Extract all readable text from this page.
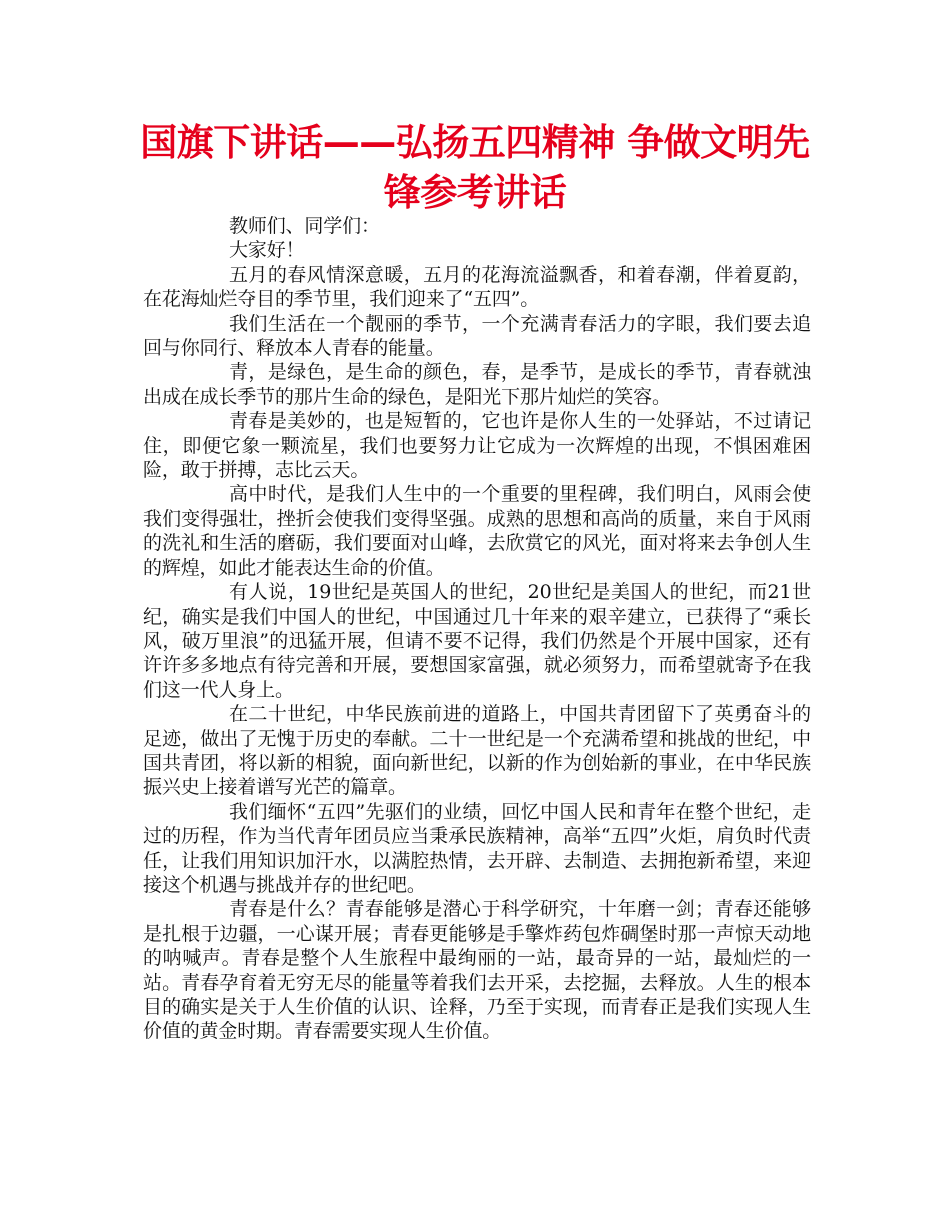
国旗下讲话——弘扬五四精神 争做文明先锋参考讲话

教师们、同学们：

大家好！

五月的春风情深意暖，五月的花海流溢飘香，和着春潮，伴着夏韵，在花海灿烂夺目的季节里，我们迎来了“五四”。

我们生活在一个靓丽的季节，一个充满青春活力的字眼，我们要去追回与你同行、释放本人青春的能量。

青，是绿色，是生命的颜色，春，是季节，是成长的季节，青春就浊出成在成长季节的那片生命的绿色，是阳光下那片灿烂的笑容。

青春是美妙的，也是短暂的，它也许是你人生的一处驿站，不过请记住，即便它象一颗流星，我们也要努力让它成为一次辉煌的出现，不惧困难困险，敢于拼搏，志比云天。

高中时代，是我们人生中的一个重要的里程碑，我们明白，风雨会使我们变得强壮，挫折会使我们变得坚强。成熟的思想和高尚的质量，来自于风雨的洗礼和生活的磨砺，我们要面对山峰，去欣赏它的风光，面对将来去争创人生的辉煌，如此才能表达生命的价值。

有人说，19世纪是英国人的世纪，20世纪是美国人的世纪，而21世纪，确实是我们中国人的世纪，中国通过几十年来的艰辛建立，已获得了“乘长风，破万里浪”的迅猛开展，但请不要不记得，我们仍然是个开展中国家，还有许许多多地点有待完善和开展，要想国家富强，就必须努力，而希望就寄予在我们这一代人身上。

在二十世纪，中华民族前进的道路上，中国共青团留下了英勇奋斗的足迹，做出了无愧于历史的奉献。二十一世纪是一个充满希望和挑战的世纪，中国共青团，将以新的相貌，面向新世纪，以新的作为创始新的事业，在中华民族振兴史上接着谱写光芒的篇章。

我们缅怀“五四”先驱们的业绩，回忆中国人民和青年在整个世纪，走过的历程，作为当代青年团员应当秉承民族精神，高举“五四”火炬，肩负时代责任，让我们用知识加汗水，以满腔热情，去开辟、去制造、去拥抱新希望，来迎接这个机遇与挑战并存的世纪吧。

青春是什么？青春能够是潜心于科学研究，十年磨一剑；青春还能够是扎根于边疆，一心谋开展；青春更能够是手擎炸药包炸碉堡时那一声惊天动地的呐喊声。青春是整个人生旅程中最绚丽的一站，最奇异的一站，最灿烂的一站。青春孕育着无穷无尽的能量等着我们去开采，去挖掘，去释放。人生的根本目的确实是关于人生价值的认识、诠释，乃至于实现，而青春正是我们实现人生价值的黄金时期。青春需要实现人生价值。
